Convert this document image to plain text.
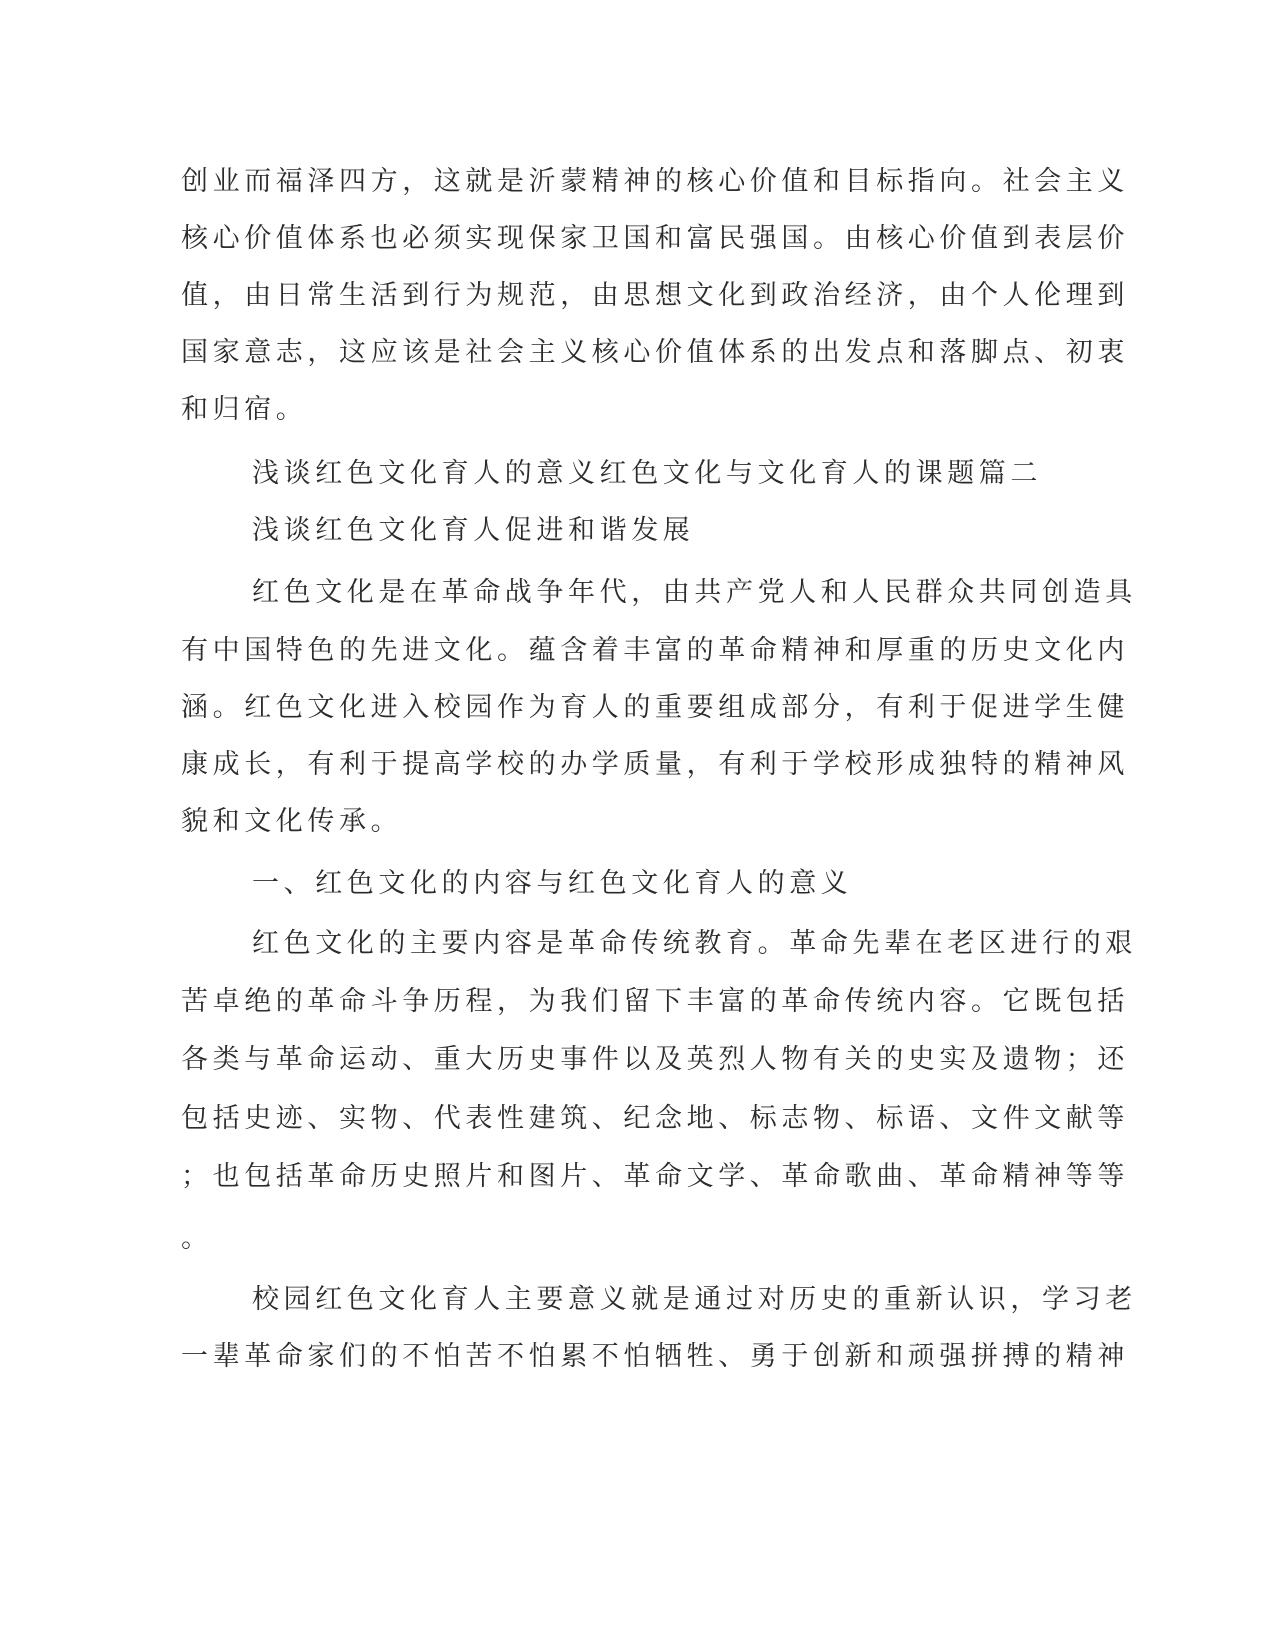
创业而福泽四方，这就是沂蒙精神的核心价值和目标指向。社会主义
核心价值体系也必须实现保家卫国和富民强国。由核心价值到表层价
值，由日常生活到行为规范，由思想文化到政治经济，由个人伦理到
国家意志，这应该是社会主义核心价值体系的出发点和落脚点、初衷
和归宿。
浅谈红色文化育人的意义红色文化与文化育人的课题篇二
浅谈红色文化育人促进和谐发展
红色文化是在革命战争年代，由共产党人和人民群众共同创造具
有中国特色的先进文化。蕴含着丰富的革命精神和厚重的历史文化内
涵。红色文化进入校园作为育人的重要组成部分，有利于促进学生健
康成长，有利于提高学校的办学质量，有利于学校形成独特的精神风
貌和文化传承。
一、红色文化的内容与红色文化育人的意义
红色文化的主要内容是革命传统教育。革命先辈在老区进行的艰
苦卓绝的革命斗争历程，为我们留下丰富的革命传统内容。它既包括
各类与革命运动、重大历史事件以及英烈人物有关的史实及遗物；还
包括史迹、实物、代表性建筑、纪念地、标志物、标语、文件文献等
；也包括革命历史照片和图片、革命文学、革命歌曲、革命精神等等
。
校园红色文化育人主要意义就是通过对历史的重新认识，学习老
一辈革命家们的不怕苦不怕累不怕牺牲、勇于创新和顽强拼搏的精神
